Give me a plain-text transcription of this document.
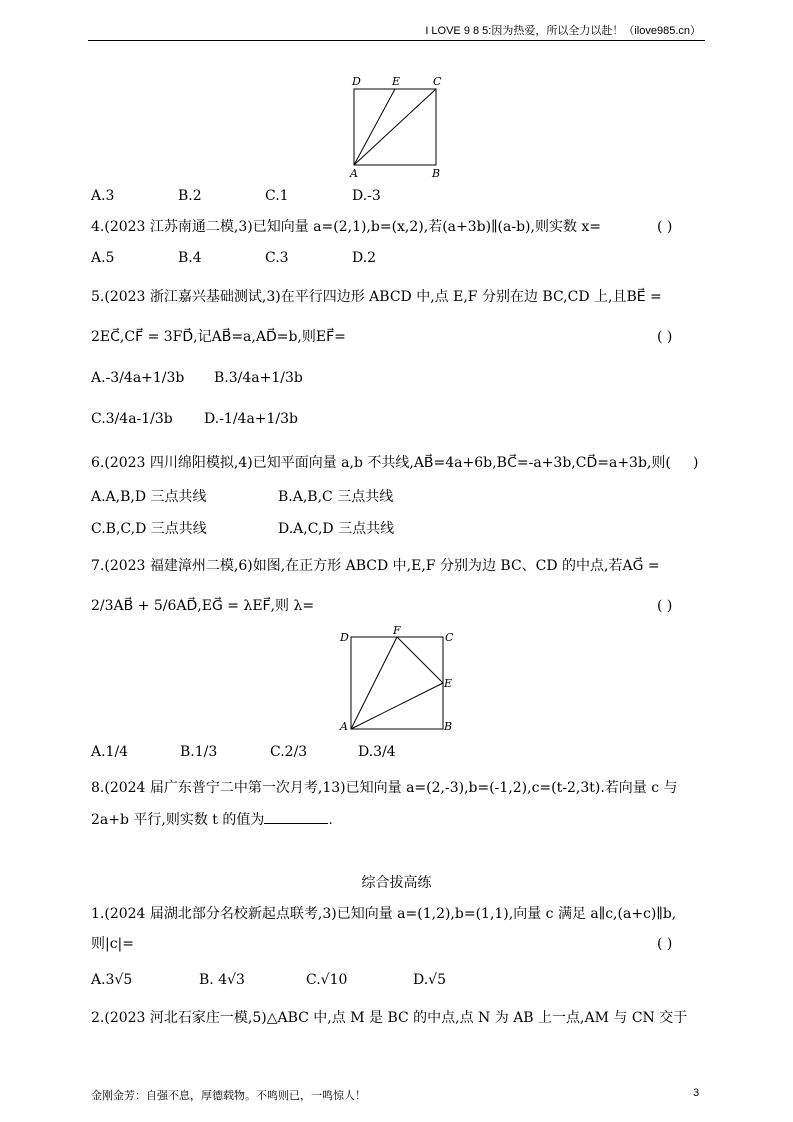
I LOVE 9 8 5:因为热爱，所以全力以赴！（ilove985.cn）
D	E	C
A	B
A.3	B.2	C.1	D.-3
4.(2023 江苏南通二模,3)已知向量 a=(2,1),b=(x,2),若(a+3b)∥(a-b),则实数 x=	( )
A.5	B.4	C.3	D.2
5.(2023 浙江嘉兴基础测试,3)在平行四边形 ABCD 中,点 E,F 分别在边 BC,CD 上,且BE⃗ =
2EC⃗,CF⃗ = 3FD⃗,记AB⃗=a,AD⃗=b,则EF⃗=	( )
A.-3/4a+1/3b B.3/4a+1/3b
C.3/4a-1/3b D.-1/4a+1/3b
6.(2023 四川绵阳模拟,4)已知平面向量 a,b 不共线,AB⃗=4a+6b,BC⃗=-a+3b,CD⃗=a+3b,则( )
A.A,B,D 三点共线	B.A,B,C 三点共线
C.B,C,D 三点共线	D.A,C,D 三点共线
7.(2023 福建漳州二模,6)如图,在正方形 ABCD 中,E,F 分别为边 BC、CD 的中点,若AG⃗ =
2/3AB⃗ + 5/6AD⃗,EG⃗ = λEF⃗,则 λ=	( )
D
F
C
E
A	B
A.1/4	B.1/3	C.2/3	D.3/4
8.(2024 届广东普宁二中第一次月考,13)已知向量 a=(2,-3),b=(-1,2),c=(t-2,3t).若向量 c 与
2a+b 平行,则实数 t 的值为	.
综合拔高练
1.(2024 届湖北部分名校新起点联考,3)已知向量 a=(1,2),b=(1,1),向量 c 满足 a∥c,(a+c)∥b,
则|c|=	( )
A.3√5	B. 4√3	C.√10	D.√5
2.(2023 河北石家庄一模,5)△ABC 中,点 M 是 BC 的中点,点 N 为 AB 上一点,AM 与 CN 交于
金刚金芳：自强不息，厚德载物。不鸣则已，一鸣惊人！	3
